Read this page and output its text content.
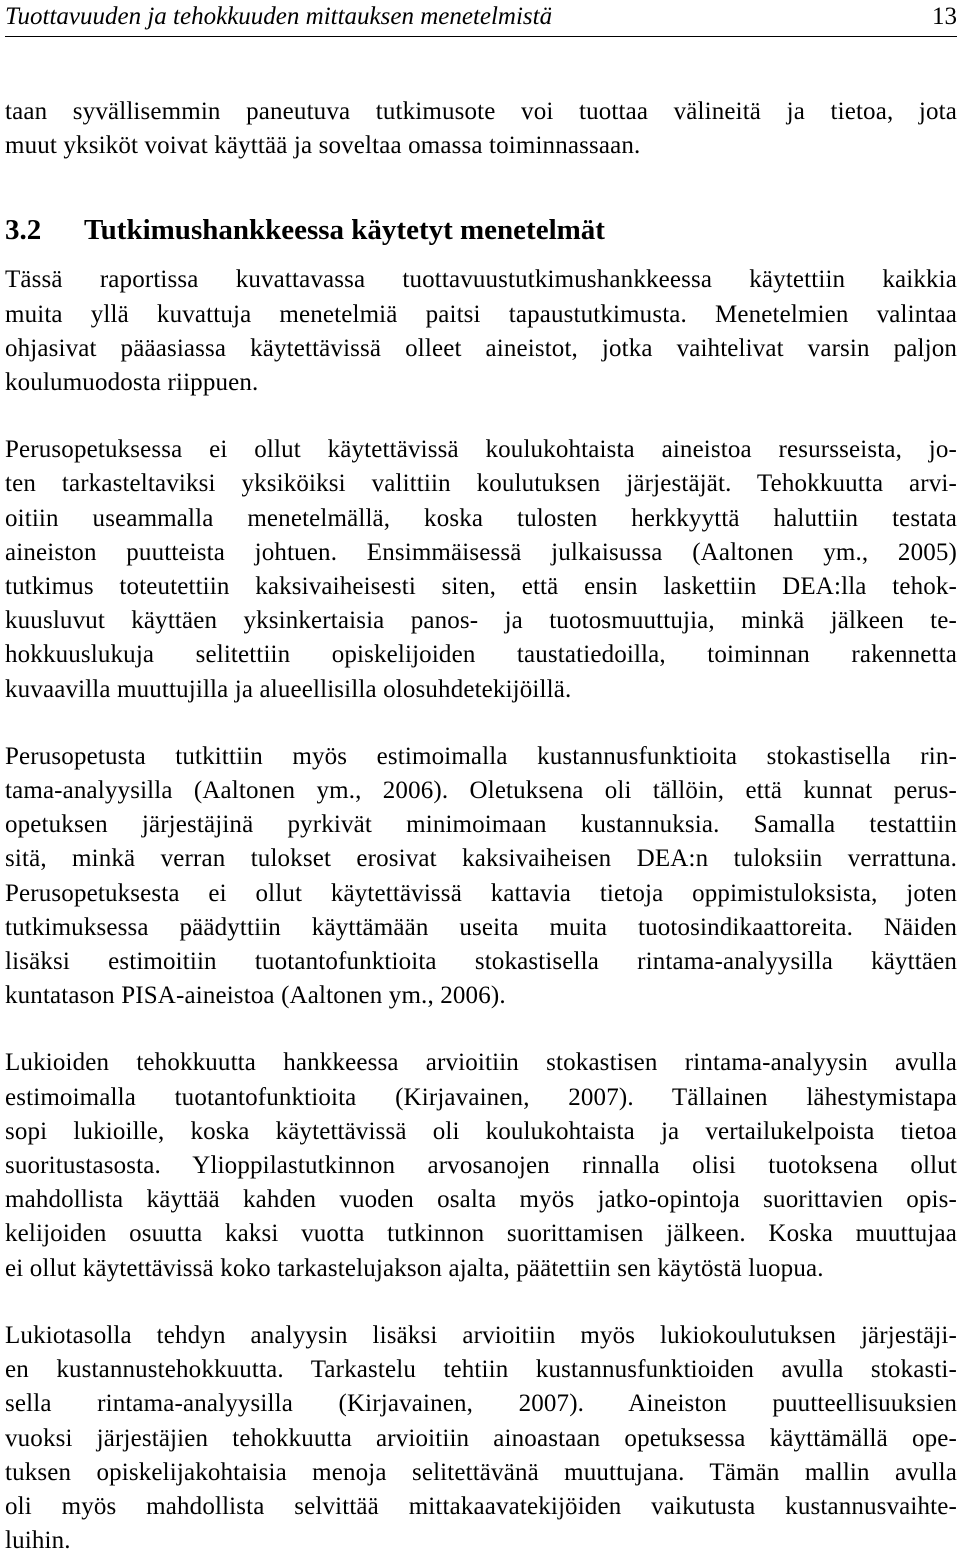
Tuottavuuden ja tehokkuuden mittauksen menetelmistä	13

taan syvällisemmin paneutuva tutkimusote voi tuottaa välineitä ja tietoa, jota
muut yksiköt voivat käyttää ja soveltaa omassa toiminnassaan.

3.2 Tutkimushankkeessa käytetyt menetelmät

Tässä raportissa kuvattavassa tuottavuustutkimushankkeessa käytettiin kaikkia
muita yllä kuvattuja menetelmiä paitsi tapaustutkimusta. Menetelmien valintaa
ohjasivat pääasiassa käytettävissä olleet aineistot, jotka vaihtelivat varsin paljon
koulumuodosta riippuen.

Perusopetuksessa ei ollut käytettävissä koulukohtaista aineistoa resursseista, jo-
ten tarkasteltaviksi yksiköiksi valittiin koulutuksen järjestäjät. Tehokkuutta arvi-
oitiin useammalla menetelmällä, koska tulosten herkkyyttä haluttiin testata
aineiston puutteista johtuen. Ensimmäisessä julkaisussa (Aaltonen ym., 2005)
tutkimus toteutettiin kaksivaiheisesti siten, että ensin laskettiin DEA:lla tehok-
kuusluvut käyttäen yksinkertaisia panos- ja tuotosmuuttujia, minkä jälkeen te-
hokkuuslukuja selitettiin opiskelijoiden taustatiedoilla, toiminnan rakennetta
kuvaavilla muuttujilla ja alueellisilla olosuhdetekijöillä.

Perusopetusta tutkittiin myös estimoimalla kustannusfunktioita stokastisella rin-
tama-analyysilla (Aaltonen ym., 2006). Oletuksena oli tällöin, että kunnat perus-
opetuksen järjestäjinä pyrkivät minimoimaan kustannuksia. Samalla testattiin
sitä, minkä verran tulokset erosivat kaksivaiheisen DEA:n tuloksiin verrattuna.
Perusopetuksesta ei ollut käytettävissä kattavia tietoja oppimistuloksista, joten
tutkimuksessa päädyttiin käyttämään useita muita tuotosindikaattoreita. Näiden
lisäksi estimoitiin tuotantofunktioita stokastisella rintama-analyysilla käyttäen
kuntatason PISA-aineistoa (Aaltonen ym., 2006).

Lukioiden tehokkuutta hankkeessa arvioitiin stokastisen rintama-analyysin avulla
estimoimalla tuotantofunktioita (Kirjavainen, 2007). Tällainen lähestymistapa
sopi lukioille, koska käytettävissä oli koulukohtaista ja vertailukelpoista tietoa
suoritustasosta. Ylioppilastutkinnon arvosanojen rinnalla olisi tuotoksena ollut
mahdollista käyttää kahden vuoden osalta myös jatko-opintoja suorittavien opis-
kelijoiden osuutta kaksi vuotta tutkinnon suorittamisen jälkeen. Koska muuttujaa
ei ollut käytettävissä koko tarkastelujakson ajalta, päätettiin sen käytöstä luopua.

Lukiotasolla tehdyn analyysin lisäksi arvioitiin myös lukiokoulutuksen järjestäji-
en kustannustehokkuutta. Tarkastelu tehtiin kustannusfunktioiden avulla stokasti-
sella rintama-analyysilla (Kirjavainen, 2007). Aineiston puutteellisuuksien
vuoksi järjestäjien tehokkuutta arvioitiin ainoastaan opetuksessa käyttämällä ope-
tuksen opiskelijakohtaisia menoja selitettävänä muuttujana. Tämän mallin avulla
oli myös mahdollista selvittää mittakaavatekijöiden vaikutusta kustannusvaihte-
luihin.
